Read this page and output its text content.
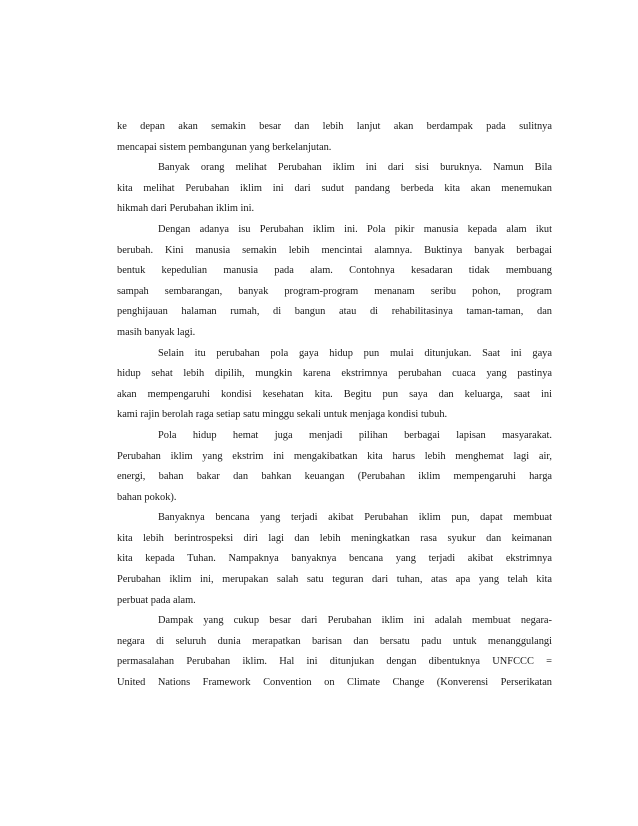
ke depan akan semakin besar dan lebih lanjut akan berdampak pada sulitnya
mencapai sistem pembangunan yang berkelanjutan.
Banyak orang melihat Perubahan iklim ini dari sisi buruknya. Namun Bila
kita melihat Perubahan iklim ini dari sudut pandang berbeda kita akan menemukan
hikmah dari Perubahan iklim ini.
Dengan adanya isu Perubahan iklim ini. Pola pikir manusia kepada alam ikut
berubah. Kini manusia semakin lebih mencintai alamnya. Buktinya banyak berbagai
bentuk kepedulian manusia pada alam. Contohnya kesadaran tidak membuang
sampah sembarangan, banyak program-program menanam seribu pohon, program
penghijauan halaman rumah, di bangun atau di rehabilitasinya taman-taman, dan
masih banyak lagi.
Selain itu perubahan pola gaya hidup pun mulai ditunjukan. Saat ini gaya
hidup sehat lebih dipilih, mungkin karena ekstrimnya perubahan cuaca yang pastinya
akan mempengaruhi kondisi kesehatan kita. Begitu pun saya dan keluarga, saat ini
kami rajin berolah raga setiap satu minggu sekali untuk menjaga kondisi tubuh.
Pola hidup hemat juga menjadi pilihan berbagai lapisan masyarakat.
Perubahan iklim yang ekstrim ini mengakibatkan kita harus lebih menghemat lagi air,
energi, bahan bakar dan bahkan keuangan (Perubahan iklim mempengaruhi harga
bahan pokok).
Banyaknya bencana yang terjadi akibat Perubahan iklim pun, dapat membuat
kita lebih berintrospeksi diri lagi dan lebih meningkatkan rasa syukur dan keimanan
kita kepada Tuhan. Nampaknya banyaknya bencana yang terjadi akibat ekstrimnya
Perubahan iklim ini, merupakan salah satu teguran dari tuhan, atas apa yang telah kita
perbuat pada alam.
Dampak yang cukup besar dari Perubahan iklim ini adalah membuat negara-
negara di seluruh dunia merapatkan barisan dan bersatu padu untuk menanggulangi
permasalahan Perubahan iklim. Hal ini ditunjukan dengan dibentuknya UNFCCC =
United Nations Framework Convention on Climate Change (Konverensi Perserikatan
